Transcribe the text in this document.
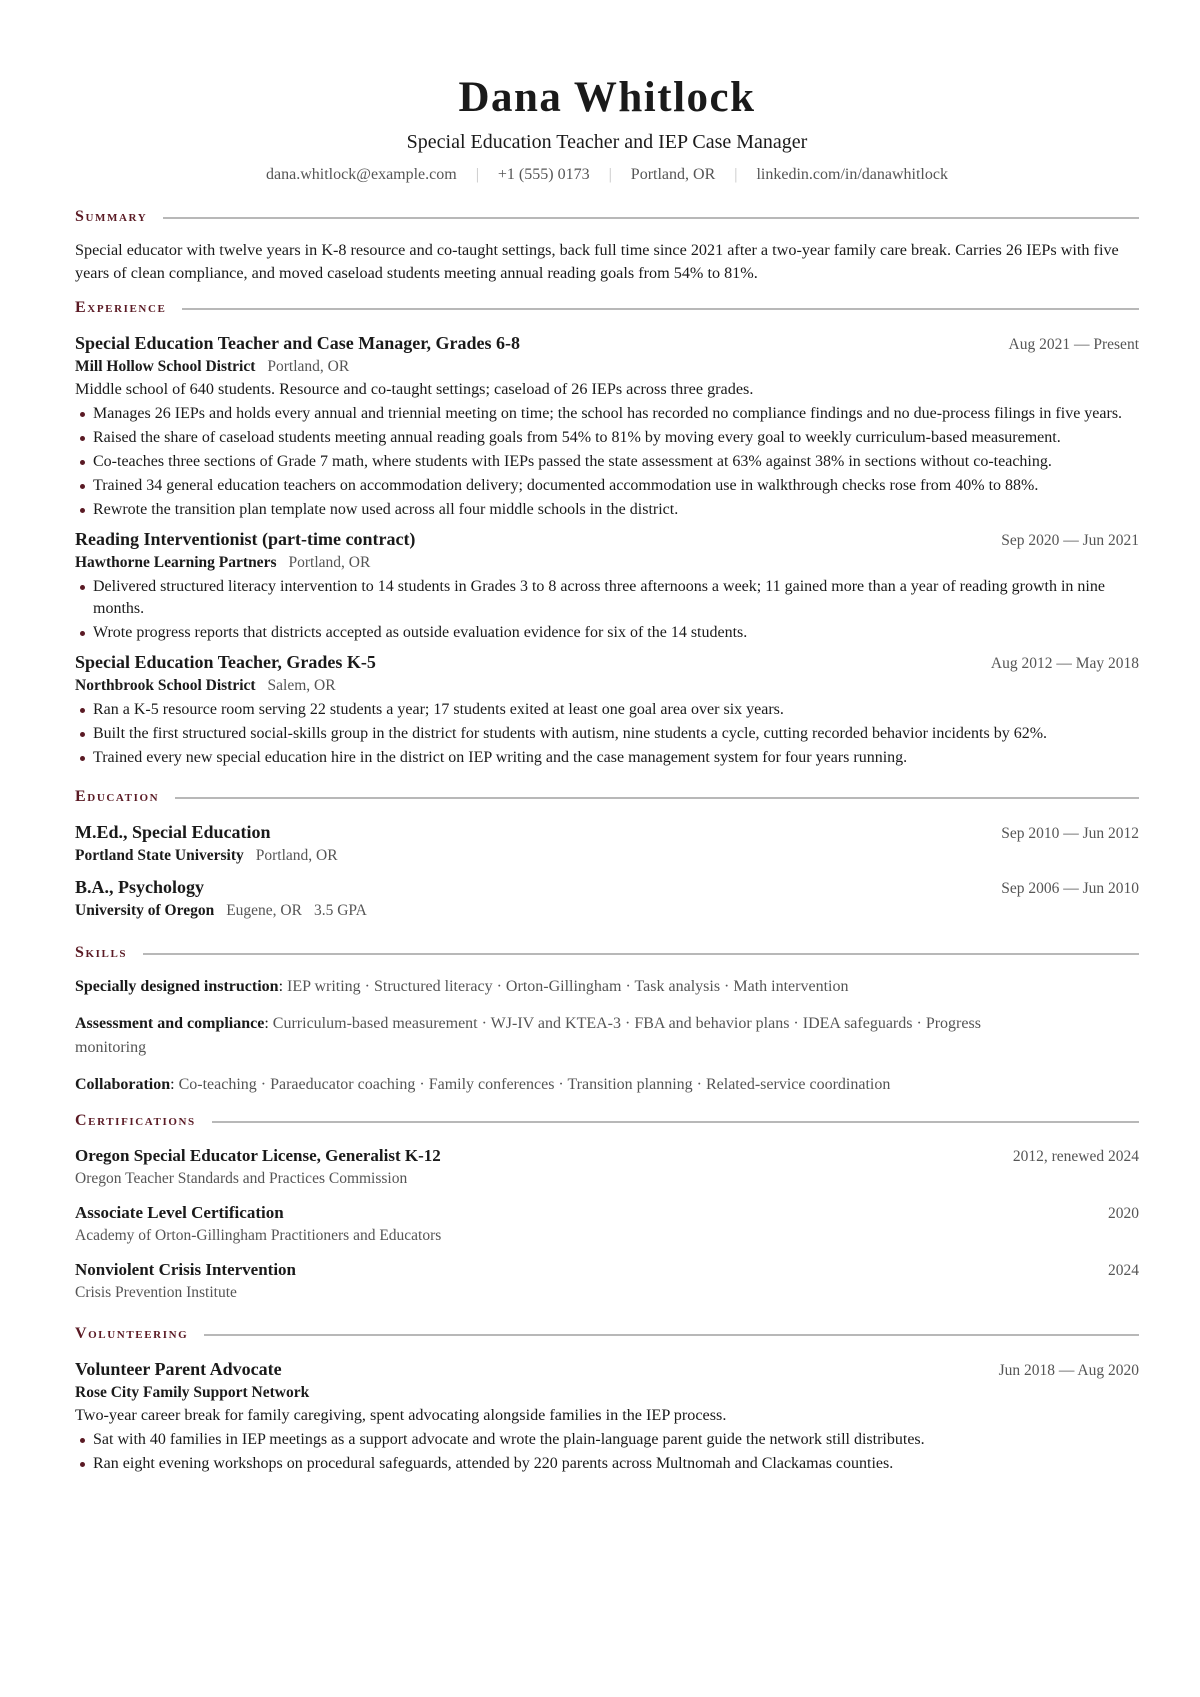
Dana Whitlock
Special Education Teacher and IEP Case Manager
dana.whitlock@example.com | +1 (555) 0173 | Portland, OR | linkedin.com/in/danawhitlock
Summary

Special educator with twelve years in K-8 resource and co-taught settings, back full time since 2021 after a two-year family care break. Carries 26 IEPs with five years of clean compliance, and moved caseload students meeting annual reading goals from 54% to 81%.

Experience
Special Education Teacher and Case Manager, Grades 6-8	Aug 2021 — Present
Mill Hollow School District Portland, OR

Middle school of 640 students. Resource and co-taught settings; caseload of 26 IEPs across three grades.

Manages 26 IEPs and holds every annual and triennial meeting on time; the school has recorded no compliance findings and no due-process filings in five years.
Raised the share of caseload students meeting annual reading goals from 54% to 81% by moving every goal to weekly curriculum-based measurement.
Co-teaches three sections of Grade 7 math, where students with IEPs passed the state assessment at 63% against 38% in sections without co-teaching.
Trained 34 general education teachers on accommodation delivery; documented accommodation use in walkthrough checks rose from 40% to 88%.
Rewrote the transition plan template now used across all four middle schools in the district.
Reading Interventionist (part-time contract)	Sep 2020 — Jun 2021
Hawthorne Learning Partners Portland, OR
Delivered structured literacy intervention to 14 students in Grades 3 to 8 across three afternoons a week; 11 gained more than a year of reading growth in nine months.
Wrote progress reports that districts accepted as outside evaluation evidence for six of the 14 students.
Special Education Teacher, Grades K-5	Aug 2012 — May 2018
Northbrook School District Salem, OR
Ran a K-5 resource room serving 22 students a year; 17 students exited at least one goal area over six years.
Built the first structured social-skills group in the district for students with autism, nine students a cycle, cutting recorded behavior incidents by 62%.
Trained every new special education hire in the district on IEP writing and the case management system for four years running.
Education
M.Ed., Special Education	Sep 2010 — Jun 2012
Portland State University Portland, OR
B.A., Psychology	Sep 2006 — Jun 2010
University of Oregon Eugene, OR 3.5 GPA
Skills
Specially designed instruction: IEP writing · Structured literacy · Orton-Gillingham · Task analysis · Math intervention
Assessment and compliance: Curriculum-based measurement · WJ-IV and KTEA-3 · FBA and behavior plans · IDEA safeguards · Progress monitoring
Collaboration: Co-teaching · Paraeducator coaching · Family conferences · Transition planning · Related-service coordination
Certifications
Oregon Special Educator License, Generalist K-12	2012, renewed 2024
Oregon Teacher Standards and Practices Commission
Associate Level Certification	2020
Academy of Orton-Gillingham Practitioners and Educators
Nonviolent Crisis Intervention	2024
Crisis Prevention Institute
Volunteering
Volunteer Parent Advocate	Jun 2018 — Aug 2020
Rose City Family Support Network

Two-year career break for family caregiving, spent advocating alongside families in the IEP process.

Sat with 40 families in IEP meetings as a support advocate and wrote the plain-language parent guide the network still distributes.
Ran eight evening workshops on procedural safeguards, attended by 220 parents across Multnomah and Clackamas counties.
